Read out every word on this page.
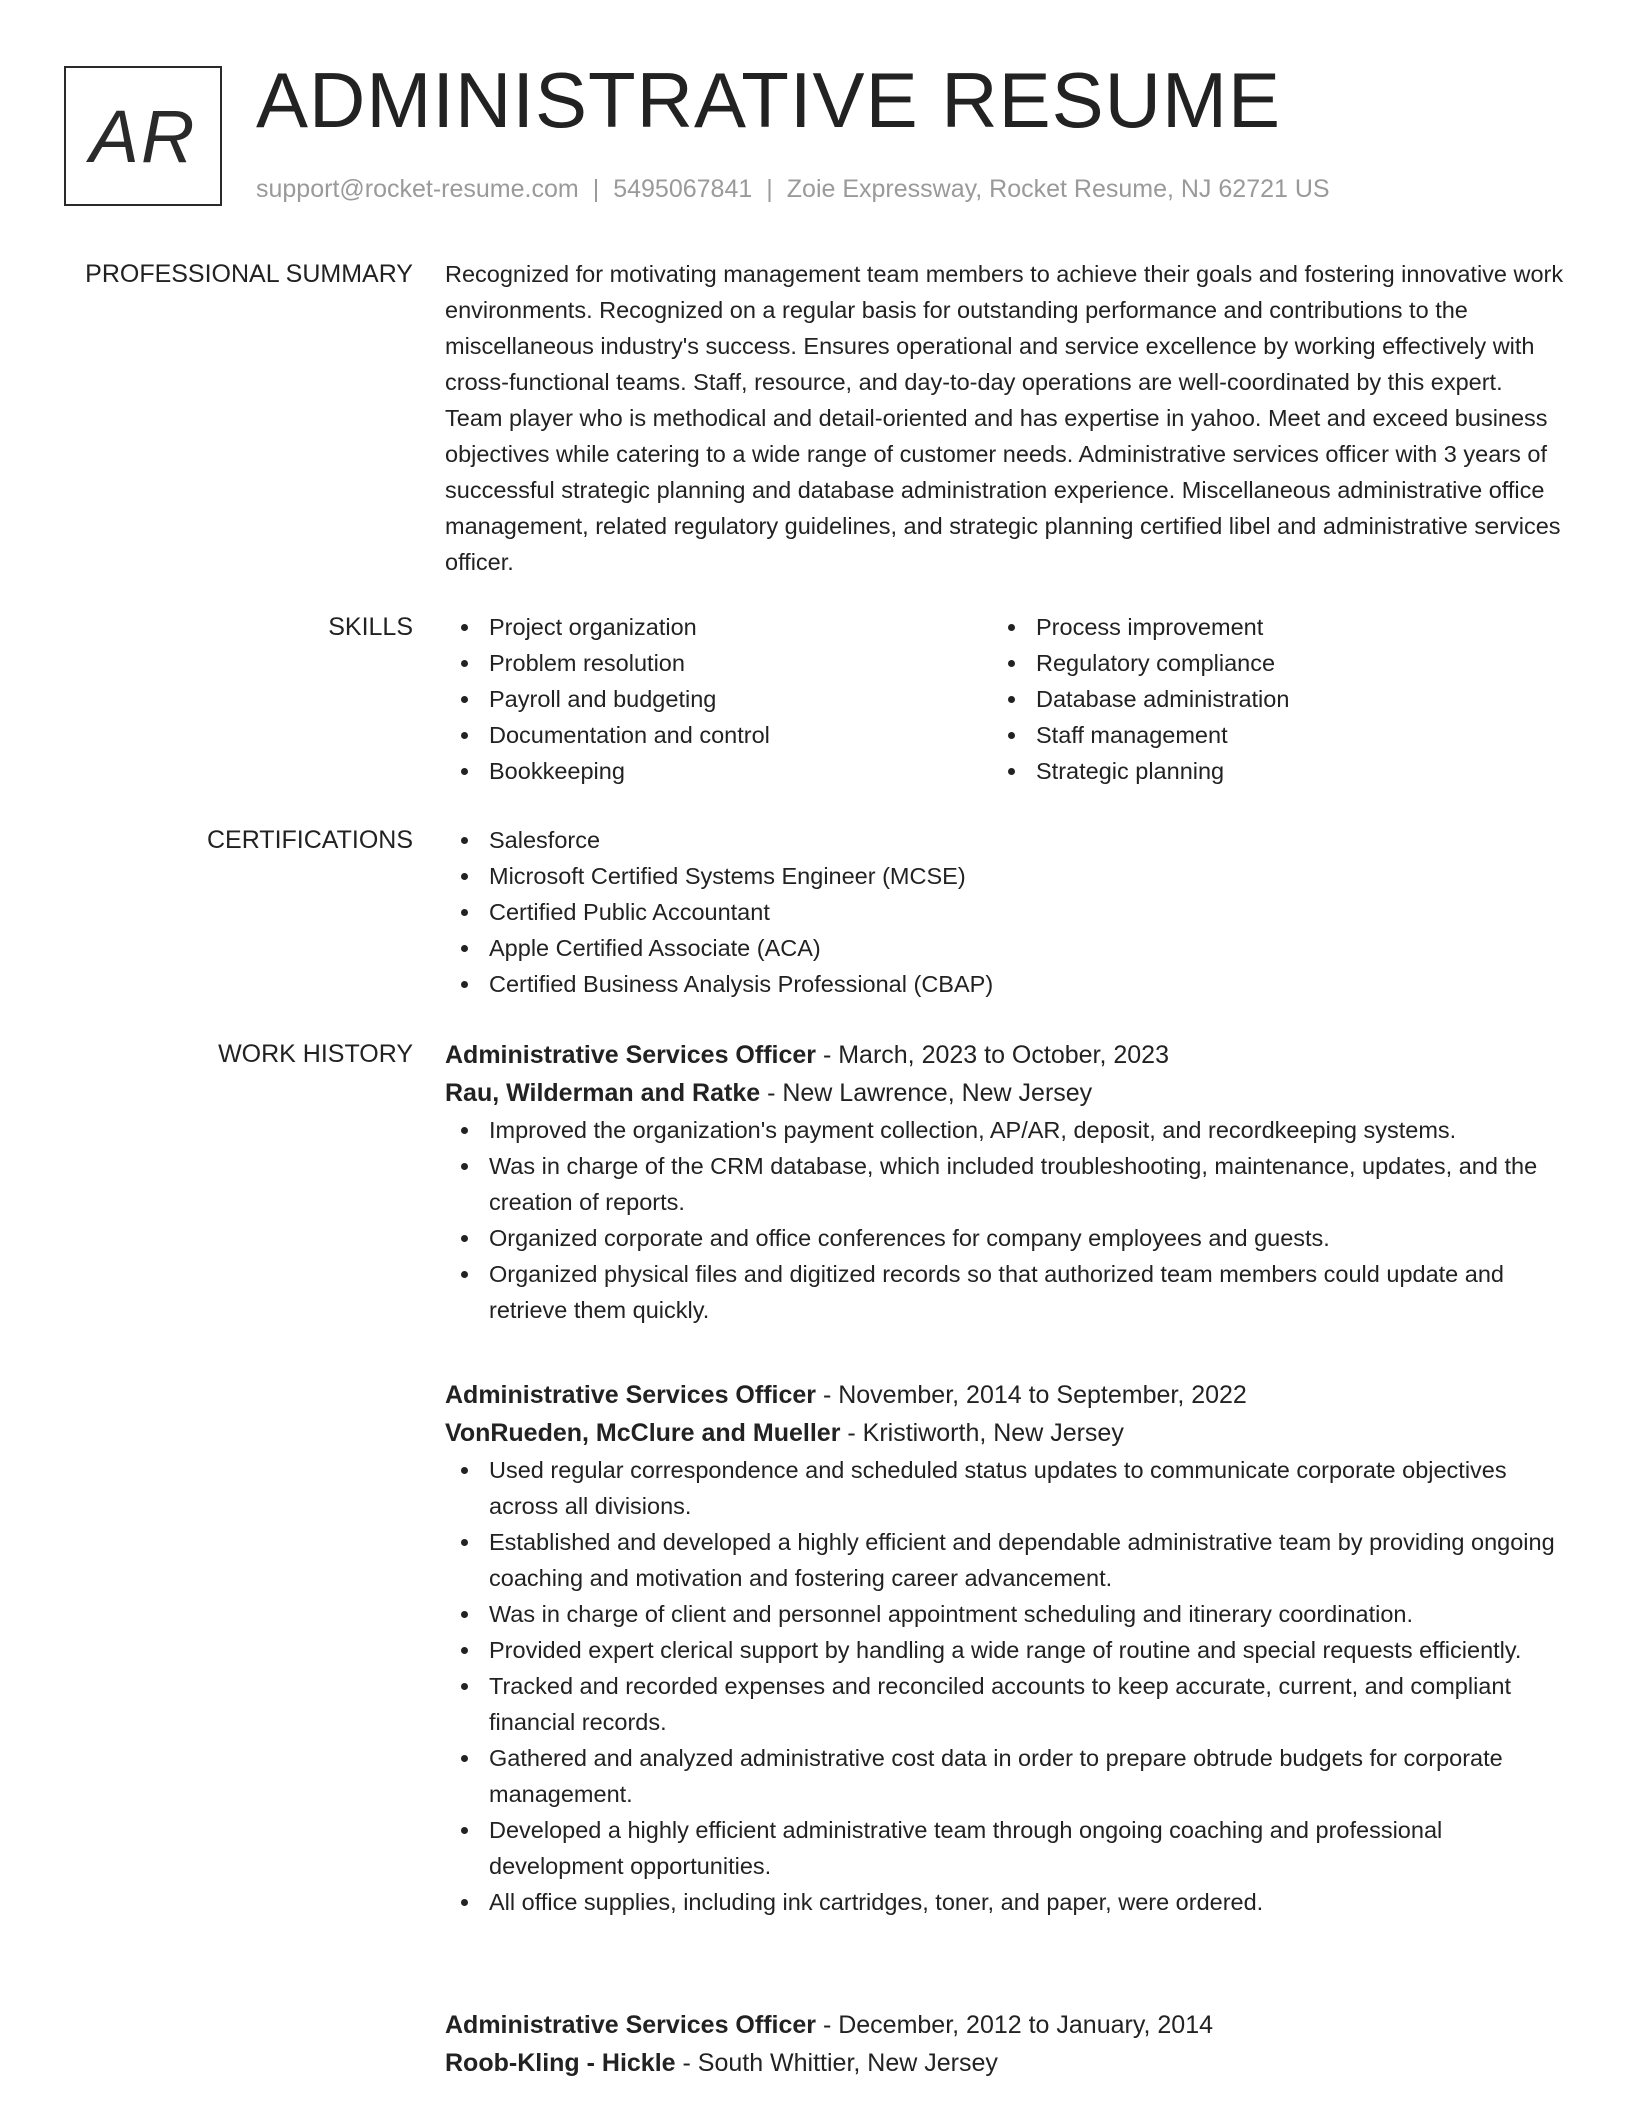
AR ADMINISTRATIVE RESUME
support@rocket-resume.com | 5495067841 | Zoie Expressway, Rocket Resume, NJ 62721 US
PROFESSIONAL SUMMARY Recognized for motivating management team members to achieve their goals and fostering innovative work environments. Recognized on a regular basis for outstanding performance and contributions to the miscellaneous industry's success. Ensures operational and service excellence by working effectively with cross-functional teams. Staff, resource, and day-to-day operations are well-coordinated by this expert. Team player who is methodical and detail-oriented and has expertise in yahoo. Meet and exceed business objectives while catering to a wide range of customer needs. Administrative services officer with 3 years of successful strategic planning and database administration experience. Miscellaneous administrative office management, related regulatory guidelines, and strategic planning certified libel and administrative services officer.

SKILLS	Project organization
Problem resolution
Payroll and budgeting
Documentation and control
Bookkeeping
Process improvement
Regulatory compliance
Database administration
Staff management
Strategic planning
CERTIFICATIONS	Salesforce
Microsoft Certified Systems Engineer (MCSE)
Certified Public Accountant
Apple Certified Associate (ACA)
Certified Business Analysis Professional (CBAP)
WORK HISTORY Administrative Services Officer - March, 2023 to October, 2023
Rau, Wilderman and Ratke - New Lawrence, New Jersey
Improved the organization's payment collection, AP/AR, deposit, and recordkeeping systems.
Was in charge of the CRM database, which included troubleshooting, maintenance, updates, and the creation of reports.
Organized corporate and office conferences for company employees and guests.
Organized physical files and digitized records so that authorized team members could update and retrieve them quickly.
Administrative Services Officer - November, 2014 to September, 2022
VonRueden, McClure and Mueller - Kristiworth, New Jersey
Used regular correspondence and scheduled status updates to communicate corporate objectives across all divisions.
Established and developed a highly efficient and dependable administrative team by providing ongoing coaching and motivation and fostering career advancement.
Was in charge of client and personnel appointment scheduling and itinerary coordination.
Provided expert clerical support by handling a wide range of routine and special requests efficiently.
Tracked and recorded expenses and reconciled accounts to keep accurate, current, and compliant financial records.
Gathered and analyzed administrative cost data in order to prepare obtrude budgets for corporate management.
Developed a highly efficient administrative team through ongoing coaching and professional development opportunities.
All office supplies, including ink cartridges, toner, and paper, were ordered.
Administrative Services Officer - December, 2012 to January, 2014
Roob-Kling - Hickle - South Whittier, New Jersey
